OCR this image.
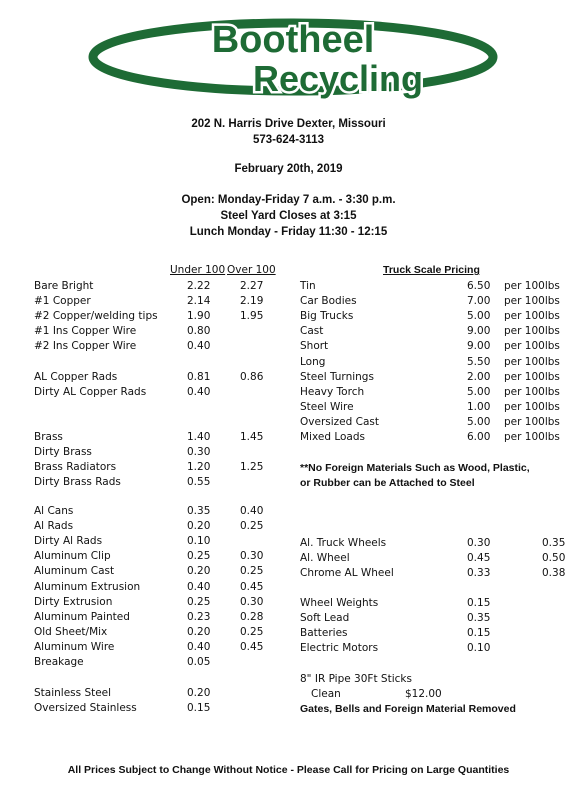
Bootheel
Recycling
202 N. Harris Drive Dexter, Missouri
573-624-3113
February 20th, 2019
Open: Monday-Friday 7 a.m. - 3:30 p.m.
Steel Yard Closes at 3:15
Lunch Monday - Friday 11:30 - 12:15
Under 100 Over 100	Truck Scale Pricing
Bare Bright	2.22	2.27
#1 Copper	2.14	2.19
#2 Copper/welding tips	1.90	1.95
#1 Ins Copper Wire	0.80
#2 Ins Copper Wire	0.40
AL Copper Rads	0.81	0.86
Dirty AL Copper Rads	0.40
Brass	1.40	1.45
Dirty Brass	0.30
Brass Radiators	1.20	1.25
Dirty Brass Rads	0.55
Al Cans	0.35	0.40
Al Rads	0.20	0.25
Dirty Al Rads	0.10
Aluminum Clip	0.25	0.30
Aluminum Cast	0.20	0.25
Aluminum Extrusion	0.40	0.45
Dirty Extrusion	0.25	0.30
Aluminum Painted	0.23	0.28
Old Sheet/Mix	0.20	0.25
Aluminum Wire	0.40	0.45
Breakage	0.05
Stainless Steel	0.20
Oversized Stainless	0.15
Tin	6.50 per 100lbs
Car Bodies	7.00 per 100lbs
Big Trucks	5.00 per 100lbs
Cast	9.00 per 100lbs
Short	9.00 per 100lbs
Long	5.50 per 100lbs
Steel Turnings	2.00 per 100lbs
Heavy Torch	5.00 per 100lbs
Steel Wire	1.00 per 100lbs
Oversized Cast	5.00 per 100lbs
Mixed Loads	6.00 per 100lbs
**No Foreign Materials Such as Wood, Plastic,
or Rubber can be Attached to Steel
Al. Truck Wheels	0.30	0.35
Al. Wheel	0.45	0.50
Chrome AL Wheel	0.33	0.38
Wheel Weights	0.15
Soft Lead	0.35
Batteries	0.15
Electric Motors	0.10
8" IR Pipe 30Ft Sticks
Clean	$12.00
Gates, Bells and Foreign Material Removed
All Prices Subject to Change Without Notice - Please Call for Pricing on Large Quantities
